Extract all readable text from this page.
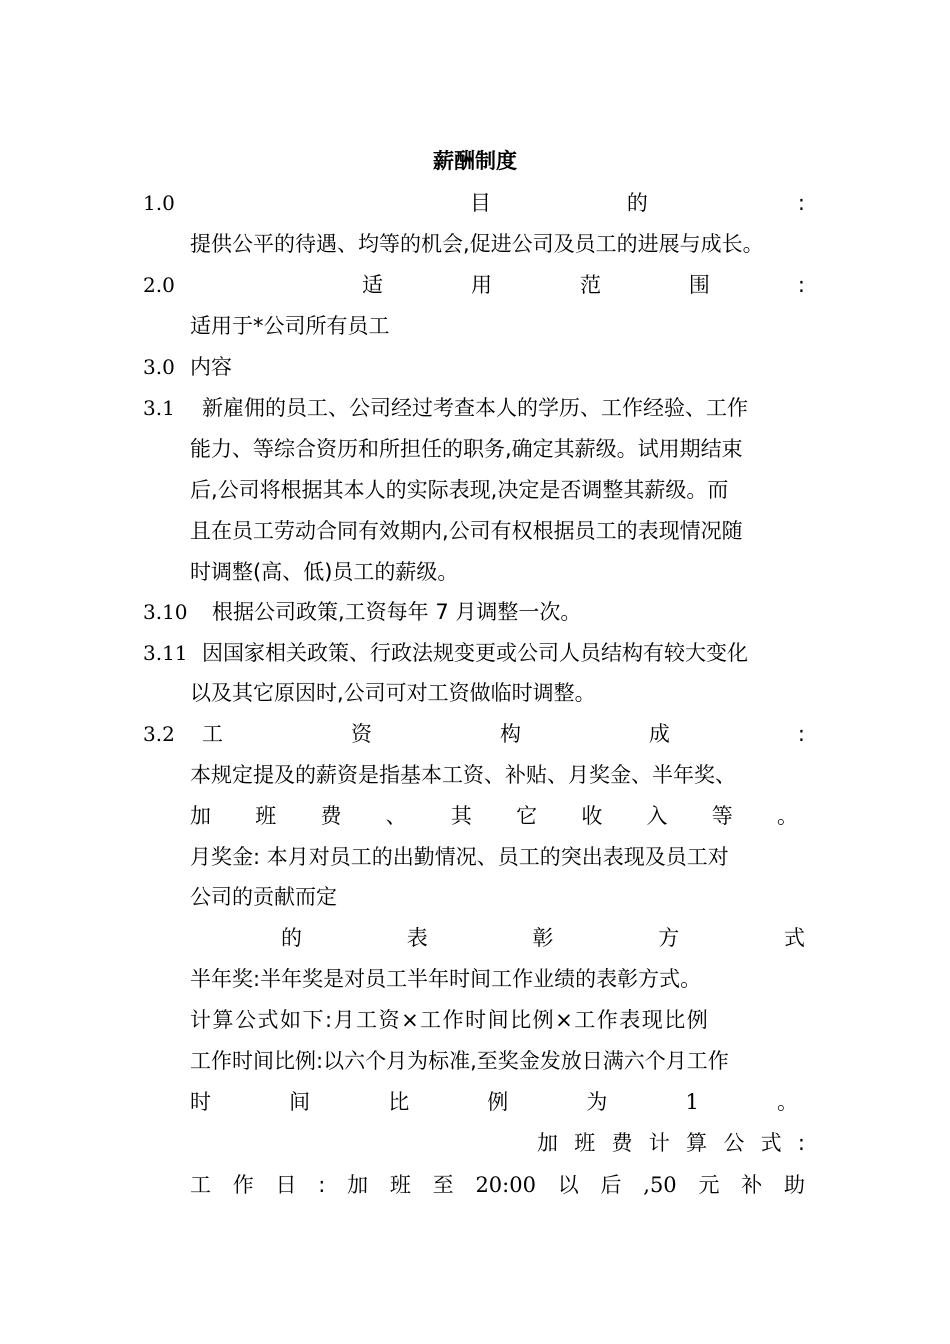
薪酬制度
1.0	目	的	:
提供公平的待遇、均等的机会,促进公司及员工的进展与成长。
2.0	适	用	范	围	:
适用于*公司所有员工
3.0 内容
3.1 新雇佣的员工、公司经过考查本人的学历、工作经验、工作
能力、等综合资历和所担任的职务,确定其薪级。试用期结束
后,公司将根据其本人的实际表现,决定是否调整其薪级。而
且在员工劳动合同有效期内,公司有权根据员工的表现情况随
时调整(高、低)员工的薪级。
3.10 根据公司政策,工资每年 7 月调整一次。
3.11 因国家相关政策、行政法规变更或公司人员结构有较大变化
以及其它原因时,公司可对工资做临时调整。
3.2 工	资	构	成	:
本规定提及的薪资是指基本工资、补贴、月奖金、半年奖、
加 班 费 、 其 它 收 入 等 。
月奖金: 本月对员工的出勤情况、员工的突出表现及员工对
公司的贡献而定
的	表	彰	方	式
半年奖:半年奖是对员工半年时间工作业绩的表彰方式。
计算公式如下:月工资×工作时间比例×工作表现比例
工作时间比例:以六个月为标准,至奖金发放日满六个月工作
时	间	比	例	为	1	。
加 班 费 计 算 公 式 :
工 作 日 : 加 班 至 20:00 以 后 ,50 元 补 助
